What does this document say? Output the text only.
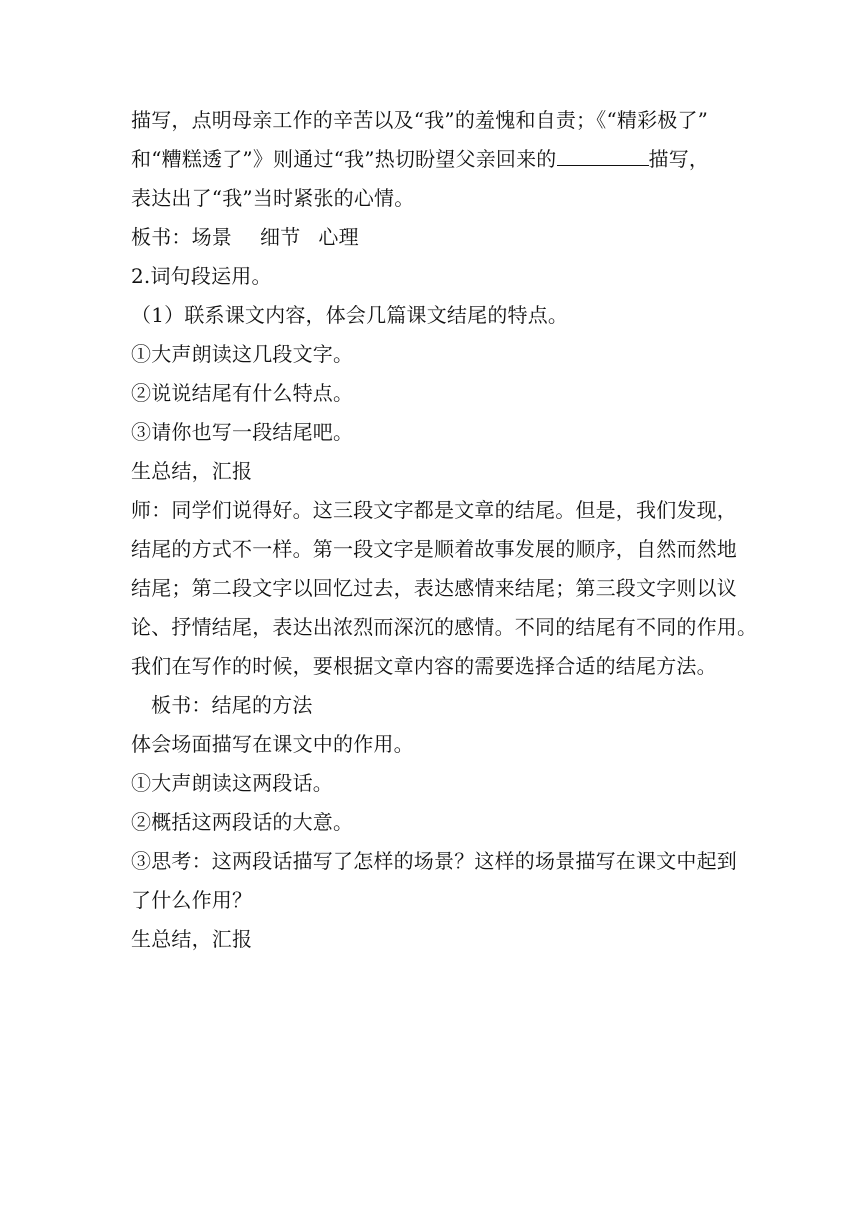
描写，点明母亲工作的辛苦以及“我”的羞愧和自责；《“精彩极了”
和“糟糕透了”》则通过“我”热切盼望父亲回来的	描写，
表达出了“我”当时紧张的心情。
板书：场景 细节 心理
2.词句段运用。
（1）联系课文内容，体会几篇课文结尾的特点。
①大声朗读这几段文字。
②说说结尾有什么特点。
③请你也写一段结尾吧。
生总结，汇报
师：同学们说得好。这三段文字都是文章的结尾。但是，我们发现，
结尾的方式不一样。第一段文字是顺着故事发展的顺序，自然而然地
结尾；第二段文字以回忆过去，表达感情来结尾；第三段文字则以议
论、抒情结尾，表达出浓烈而深沉的感情。不同的结尾有不同的作用。
我们在写作的时候，要根据文章内容的需要选择合适的结尾方法。
板书：结尾的方法
体会场面描写在课文中的作用。
①大声朗读这两段话。
②概括这两段话的大意。
③思考：这两段话描写了怎样的场景？这样的场景描写在课文中起到
了什么作用？
生总结，汇报
